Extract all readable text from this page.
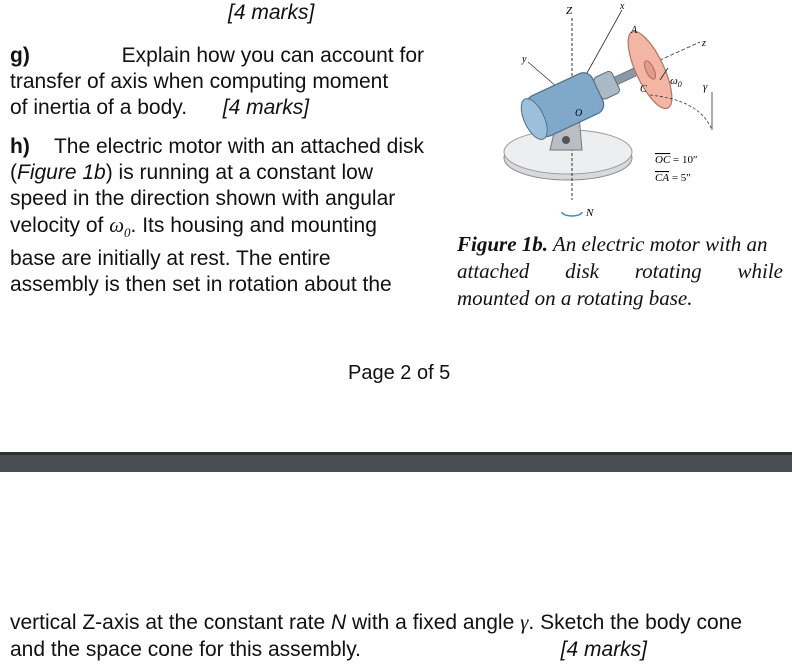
[4 marks]
g)	Explain how you can account for
transfer of axis when computing moment
of inertia of a body. [4 marks]
h) The electric motor with an attached disk
(Figure 1b) is running at a constant low
speed in the direction shown with angular
velocity of $\omega_0$. Its housing and mounting
base are initially at rest. The entire
assembly is then set in rotation about the
Z	x
y
z
O
A
C
$\omega_0$ γ
N
OC = 10″
CA = 5″
Figure 1b. An electric motor with an
attached disk rotating while
mounted on a rotating base.
Page 2 of 5
vertical Z-axis at the constant rate N with a fixed angle γ. Sketch the body cone
and the space cone for this assembly.	[4 marks]
